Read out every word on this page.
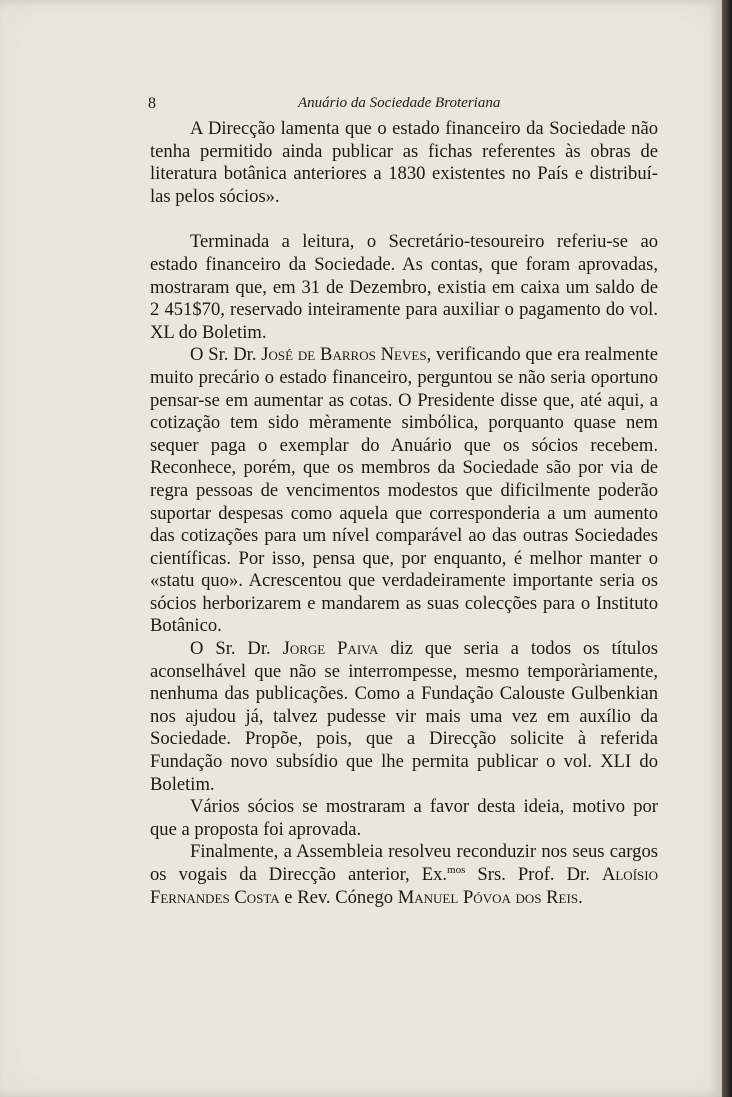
8	Anuário da Sociedade Broteriana

A Direcção lamenta que o estado financeiro da Sociedade não tenha permitido ainda publicar as fichas referentes às obras de literatura botânica anteriores a 1830 existentes no País e distribuí-las pelos sócios».

Terminada a leitura, o Secretário-tesoureiro referiu-se ao estado financeiro da Sociedade. As contas, que foram aprovadas, mostraram que, em 31 de Dezembro, existia em caixa um saldo de 2 451$70, reservado inteiramente para auxiliar o pagamento do vol. XL do Boletim.

O Sr. Dr. José de Barros Neves, verificando que era realmente muito precário o estado financeiro, perguntou se não seria oportuno pensar-se em aumentar as cotas. O Presidente disse que, até aqui, a cotização tem sido mèramente simbólica, porquanto quase nem sequer paga o exemplar do Anuário que os sócios recebem. Reconhece, porém, que os membros da Sociedade são por via de regra pessoas de vencimentos modestos que dificilmente poderão suportar despesas como aquela que corresponderia a um aumento das cotizações para um nível comparável ao das outras Sociedades científicas. Por isso, pensa que, por enquanto, é melhor manter o «statu quo». Acrescentou que verdadeiramente importante seria os sócios herborizarem e mandarem as suas colecções para o Instituto Botânico.

O Sr. Dr. Jorge Paiva diz que seria a todos os títulos aconselhável que não se interrompesse, mesmo temporàriamente, nenhuma das publicações. Como a Fundação Calouste Gulbenkian nos ajudou já, talvez pudesse vir mais uma vez em auxílio da Sociedade. Propõe, pois, que a Direcção solicite à referida Fundação novo subsídio que lhe permita publicar o vol. XLI do Boletim.

Vários sócios se mostraram a favor desta ideia, motivo por que a proposta foi aprovada.

Finalmente, a Assembleia resolveu reconduzir nos seus cargos os vogais da Direcção anterior, Ex.$^{mos}$ Srs. Prof. Dr. Aloísio Fernandes Costa e Rev. Cónego Manuel Póvoa dos Reis.
